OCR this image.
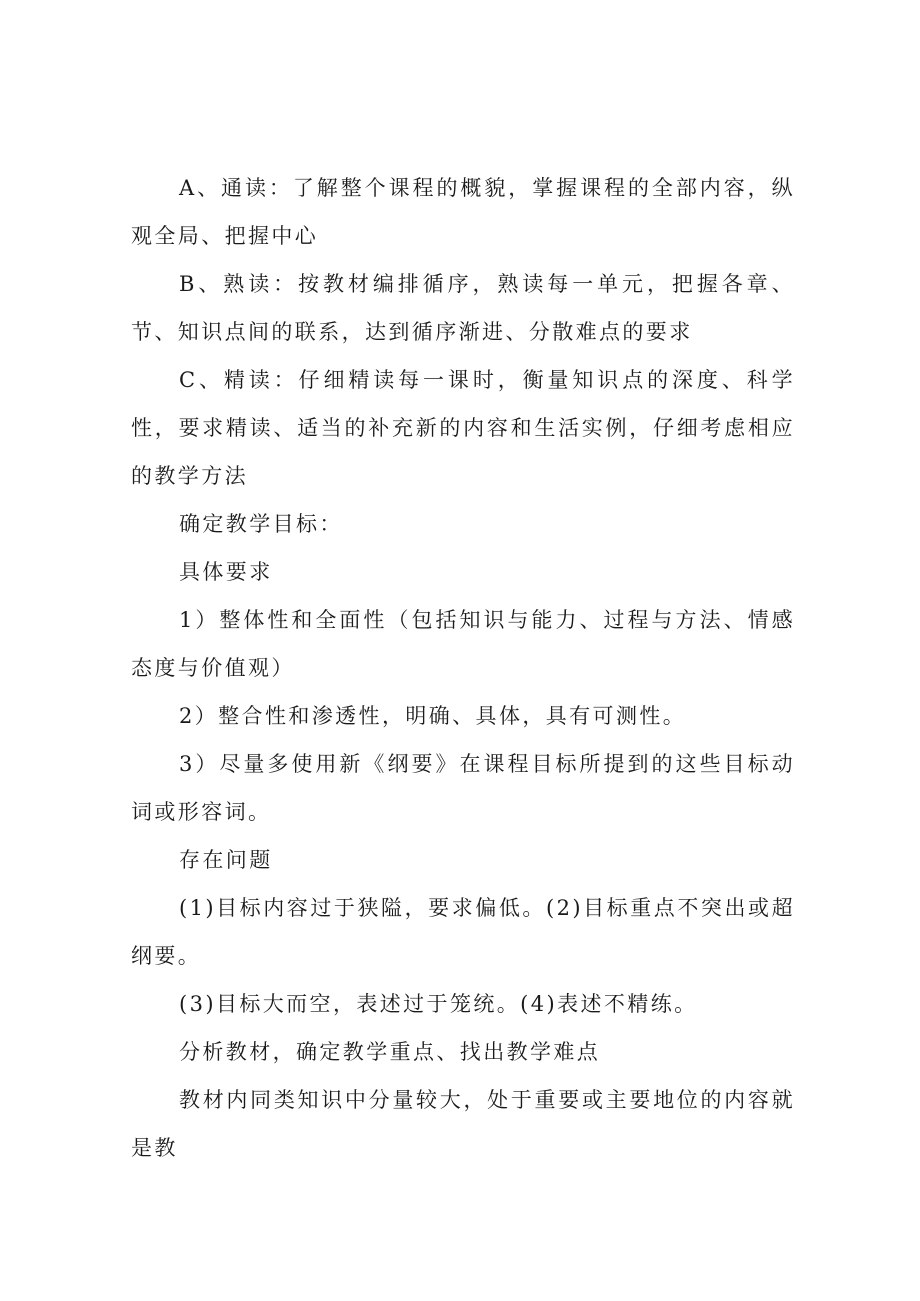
A、通读：了解整个课程的概貌，掌握课程的全部内容，纵观全局、把握中心

B、熟读：按教材编排循序，熟读每一单元，把握各章、节、知识点间的联系，达到循序渐进、分散难点的要求

C、精读：仔细精读每一课时，衡量知识点的深度、科学性，要求精读、适当的补充新的内容和生活实例，仔细考虑相应的教学方法

确定教学目标：

具体要求

1）整体性和全面性（包括知识与能力、过程与方法、情感态度与价值观）

2）整合性和渗透性，明确、具体，具有可测性。

3）尽量多使用新《纲要》在课程目标所提到的这些目标动词或形容词。

存在问题

(1)目标内容过于狭隘，要求偏低。(2)目标重点不突出或超纲要。

(3)目标大而空，表述过于笼统。(4)表述不精练。

分析教材，确定教学重点、找出教学难点

教材内同类知识中分量较大，处于重要或主要地位的内容就是教
